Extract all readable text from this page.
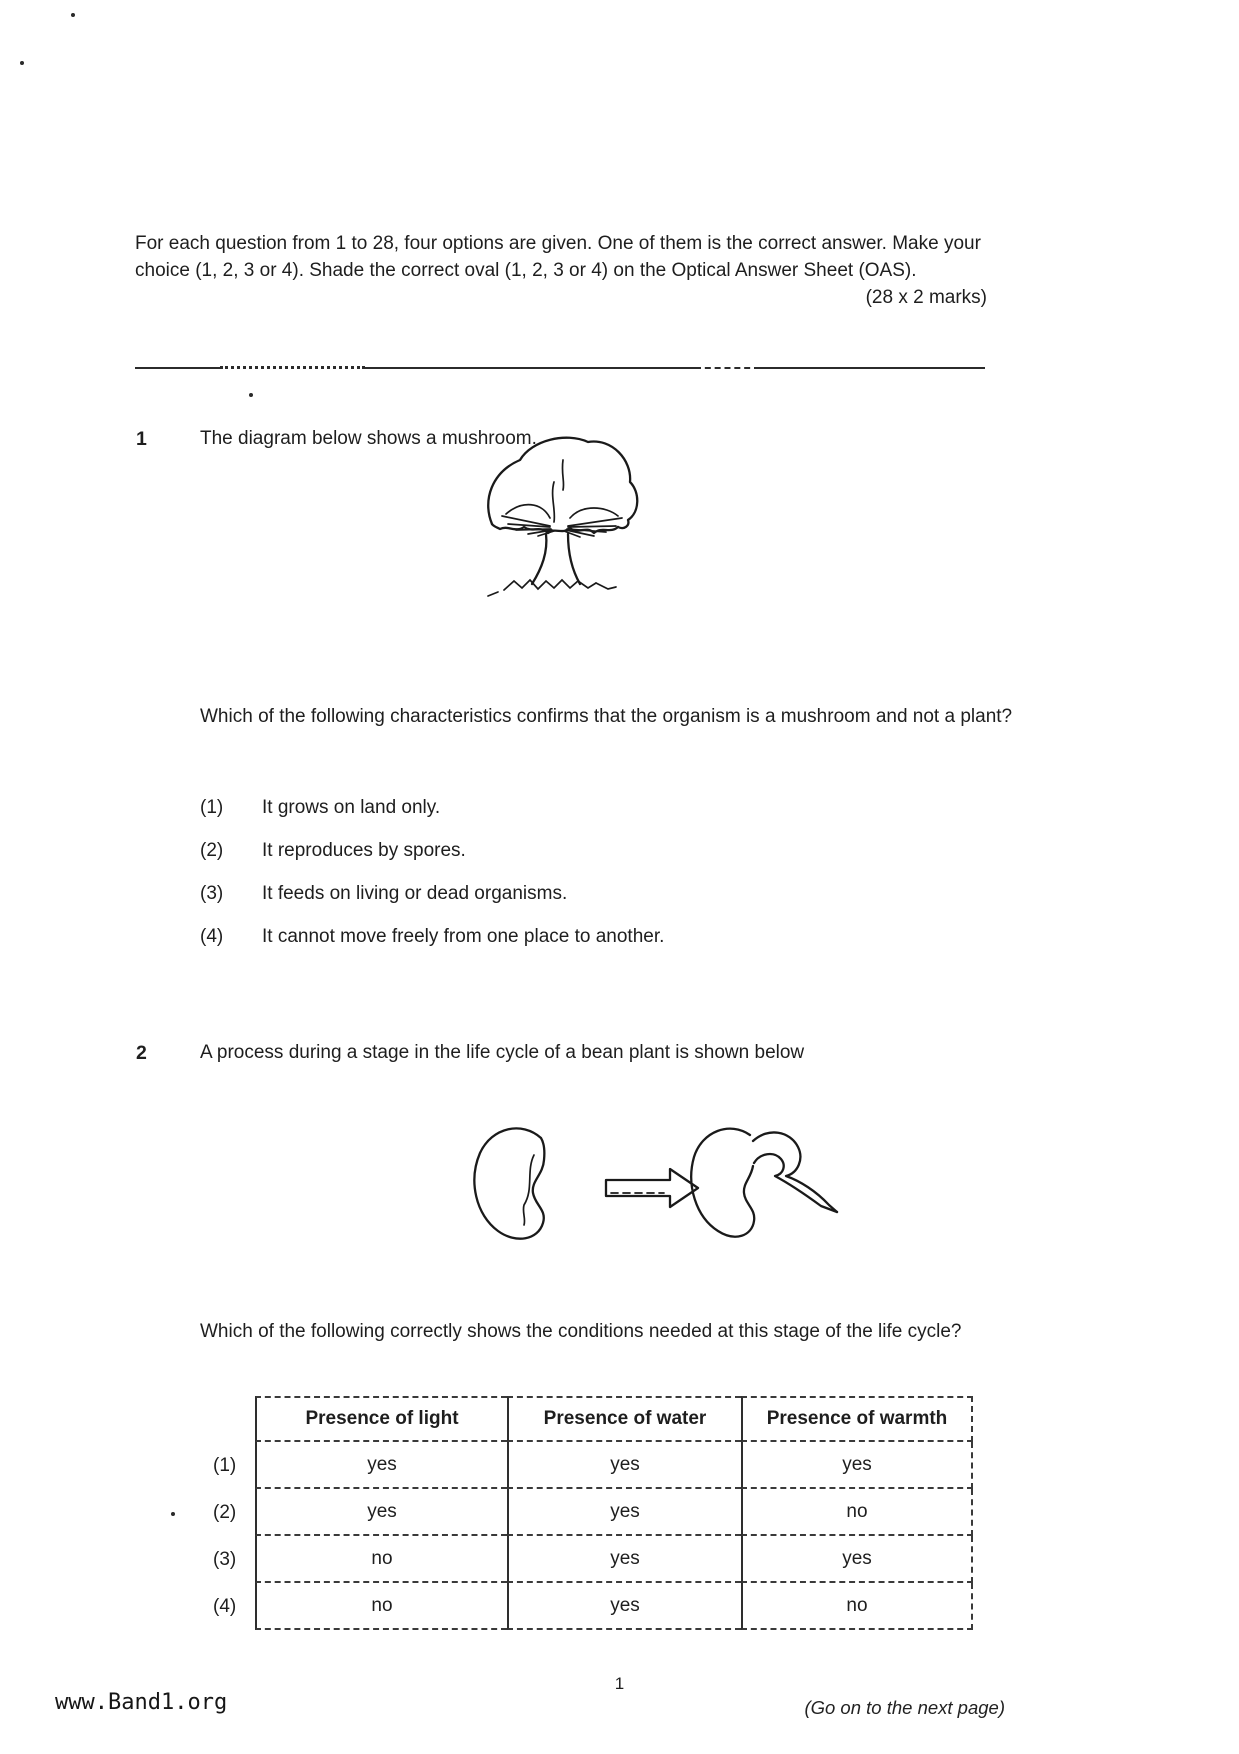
For each question from 1 to 28, four options are given. One of them is the correct answer. Make your
choice (1, 2, 3 or 4). Shade the correct oval (1, 2, 3 or 4) on the Optical Answer Sheet (OAS).
(28 x 2 marks)
1	The diagram below shows a mushroom.
Which of the following characteristics confirms that the organism is a mushroom and not a plant?
(1)	It grows on land only.
(2)	It reproduces by spores.
(3)	It feeds on living or dead organisms.
(4)	It cannot move freely from one place to another.
2	A process during a stage in the life cycle of a bean plant is shown below
Which of the following correctly shows the conditions needed at this stage of the life cycle?
Presence of light	Presence of water	Presence of warmth
(1)	yes	yes	yes
(2)	yes	yes	no
(3)	no	yes	yes
(4)	no	yes	no
www.Band1.org
1
(Go on to the next page)
